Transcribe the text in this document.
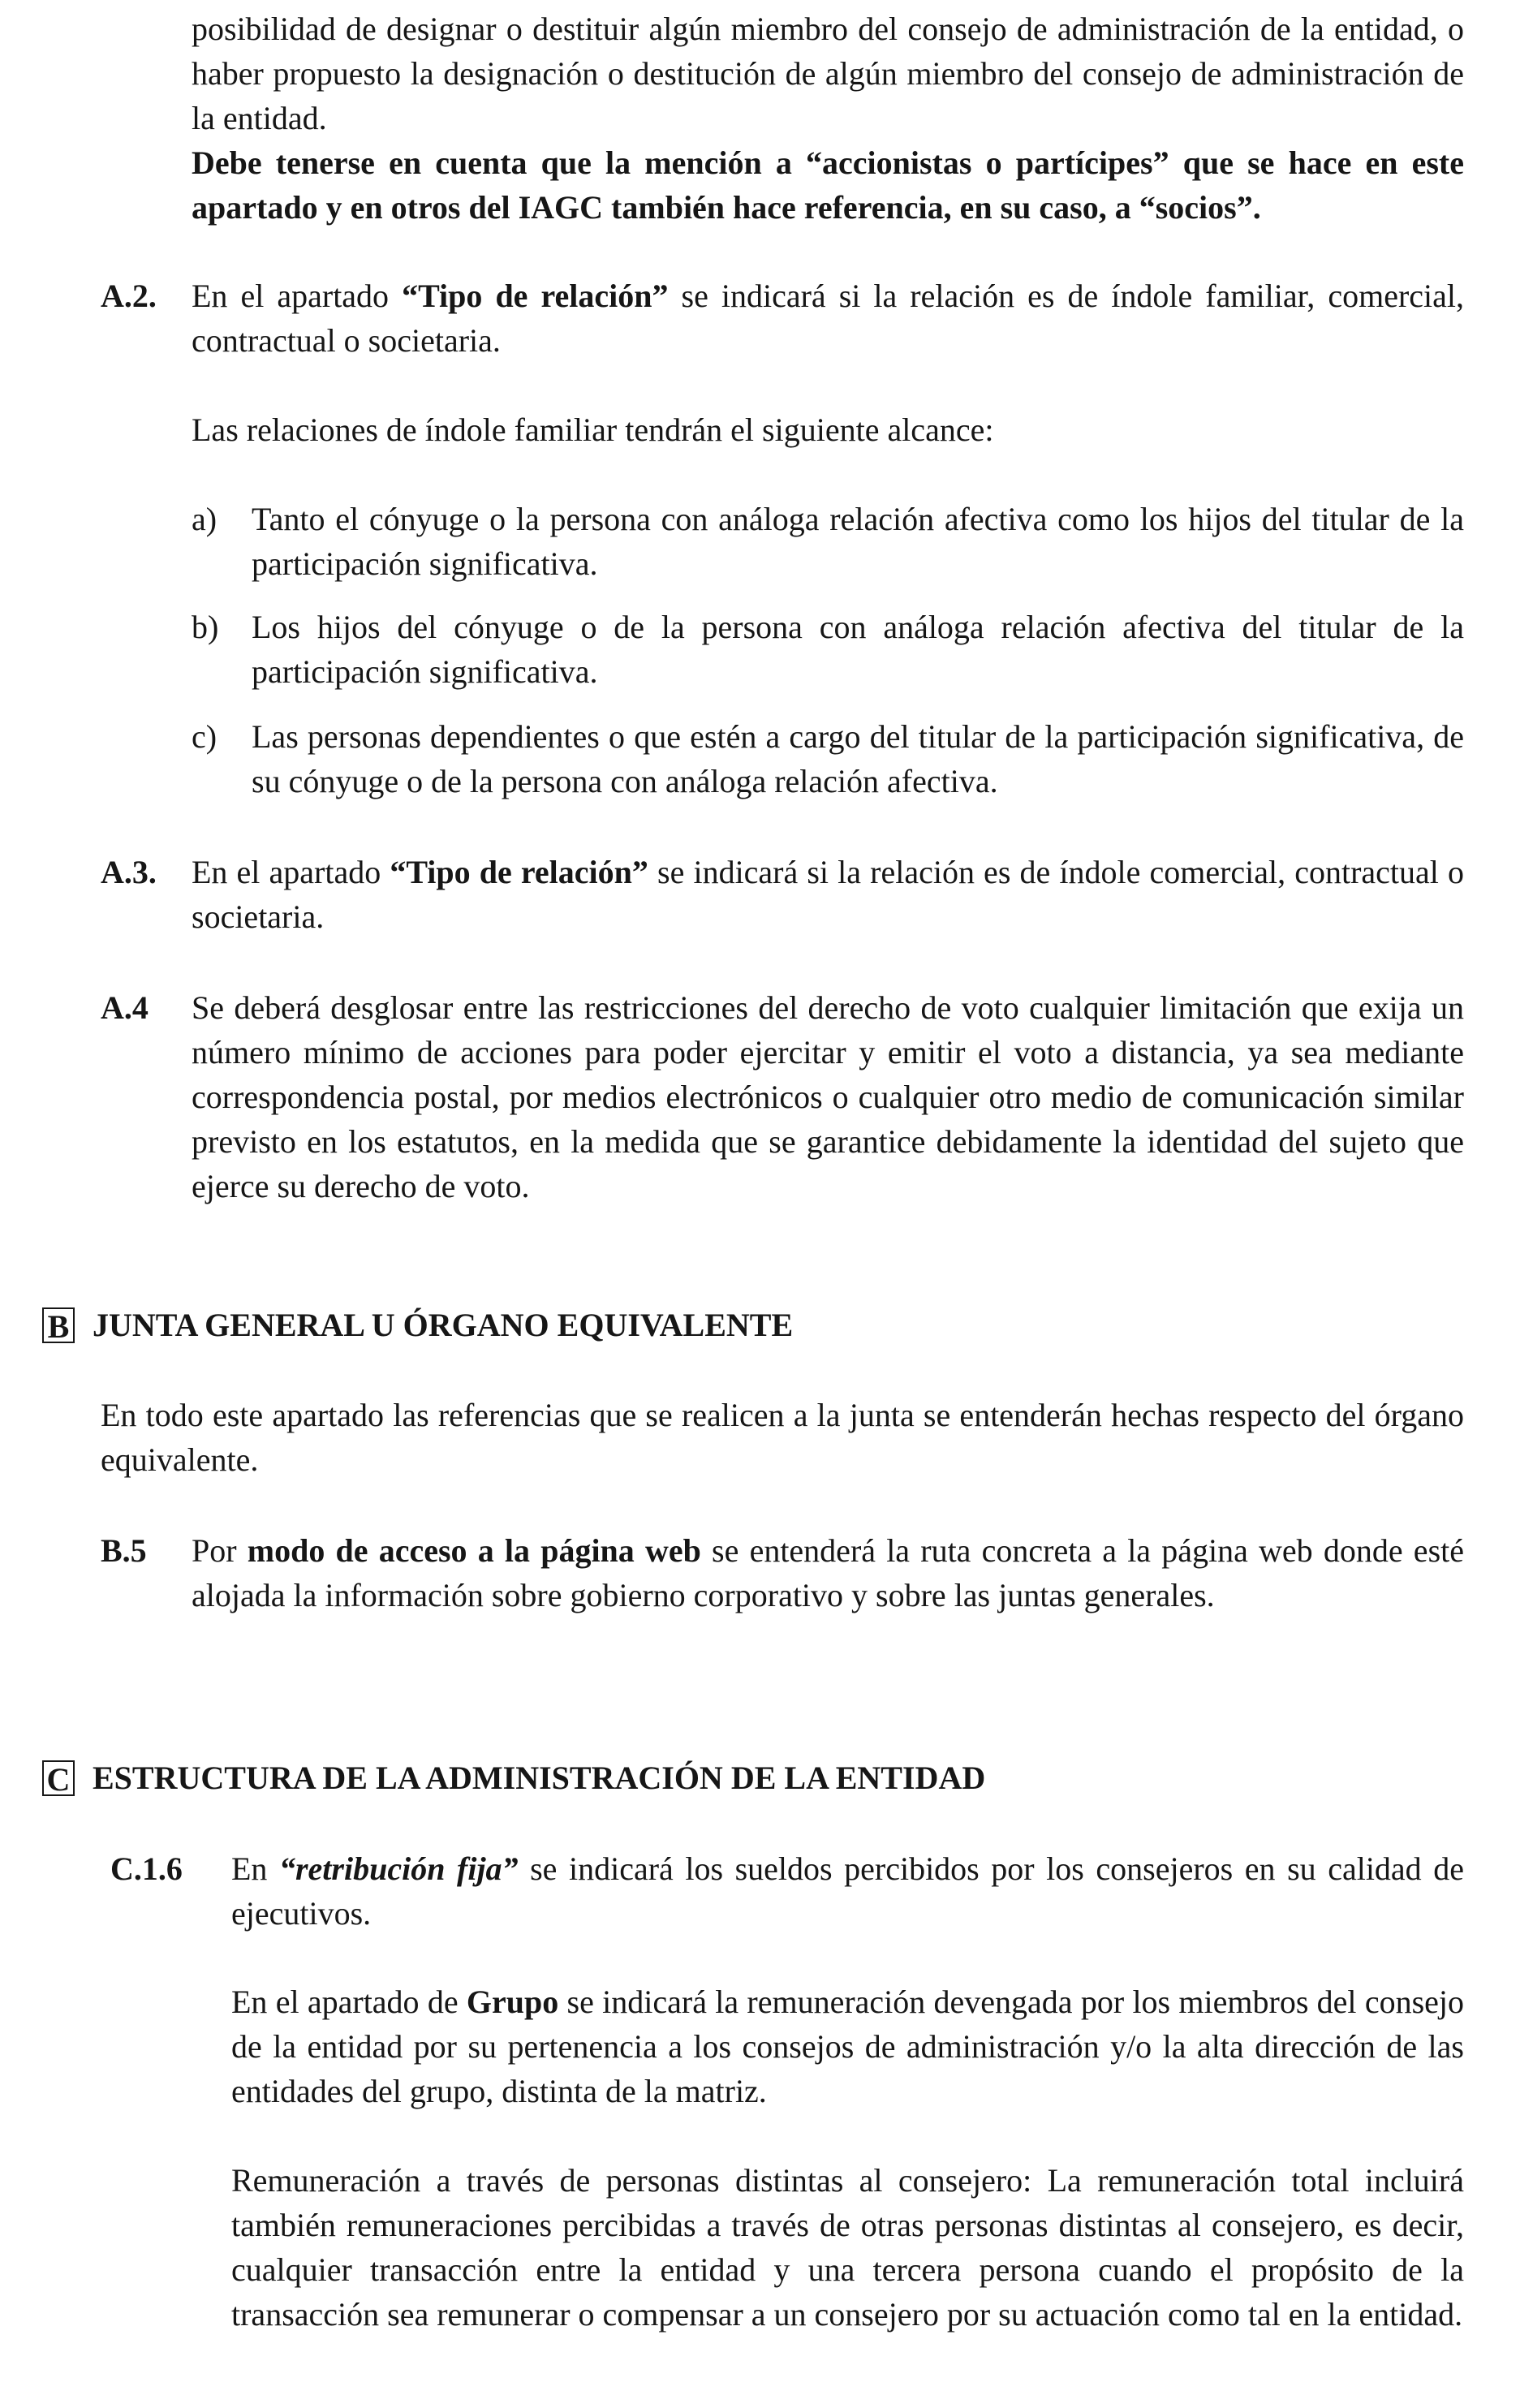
posibilidad de designar o destituir algún miembro del consejo de administración de la entidad, o haber propuesto la designación o destitución de algún miembro del consejo de administración de la entidad.

Debe tenerse en cuenta que la mención a “accionistas o partícipes” que se hace en este apartado y en otros del IAGC también hace referencia, en su caso, a “socios”.

A.2. En el apartado “Tipo de relación” se indicará si la relación es de índole familiar, comercial, contractual o societaria.

Las relaciones de índole familiar tendrán el siguiente alcance:

a) Tanto el cónyuge o la persona con análoga relación afectiva como los hijos del titular de la participación significativa.

b) Los hijos del cónyuge o de la persona con análoga relación afectiva del titular de la participación significativa.

c) Las personas dependientes o que estén a cargo del titular de la participación significativa, de su cónyuge o de la persona con análoga relación afectiva.

A.3. En el apartado “Tipo de relación” se indicará si la relación es de índole comercial, contractual o societaria.

A.4 Se deberá desglosar entre las restricciones del derecho de voto cualquier limitación que exija un número mínimo de acciones para poder ejercitar y emitir el voto a distancia, ya sea mediante correspondencia postal, por medios electrónicos o cualquier otro medio de comunicación similar previsto en los estatutos, en la medida que se garantice debidamente la identidad del sujeto que ejerce su derecho de voto.

B JUNTA GENERAL U ÓRGANO EQUIVALENTE

En todo este apartado las referencias que se realicen a la junta se entenderán hechas respecto del órgano equivalente.

B.5 Por modo de acceso a la página web se entenderá la ruta concreta a la página web donde esté alojada la información sobre gobierno corporativo y sobre las juntas generales.

C ESTRUCTURA DE LA ADMINISTRACIÓN DE LA ENTIDAD
C.1.6 En “retribución fija” se indicará los sueldos percibidos por los consejeros en su calidad de ejecutivos.

En el apartado de Grupo se indicará la remuneración devengada por los miembros del consejo de la entidad por su pertenencia a los consejos de administración y/o la alta dirección de las entidades del grupo, distinta de la matriz.

Remuneración a través de personas distintas al consejero: La remuneración total incluirá también remuneraciones percibidas a través de otras personas distintas al consejero, es decir, cualquier transacción entre la entidad y una tercera persona cuando el propósito de la transacción sea remunerar o compensar a un consejero por su actuación como tal en la entidad.
